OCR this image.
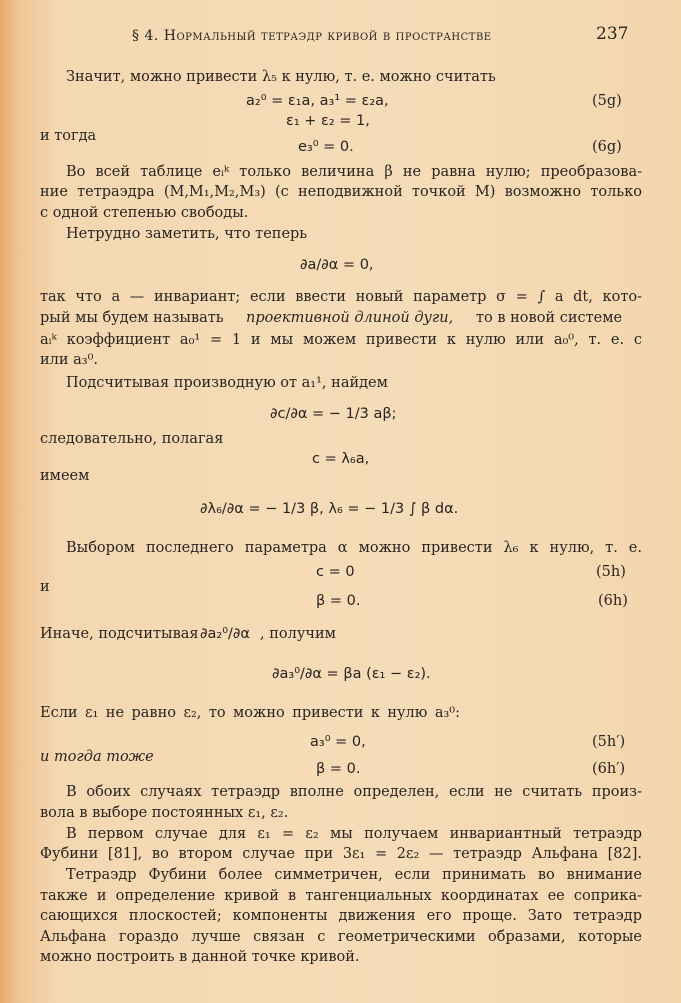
§ 4. Нормальный тетраэдр кривой в пространстве	237
Значит, можно привести λ₅ к нулю, т. е. можно считать
a₂⁰ = ε₁a, a₃¹ = ε₂a,	(5g)
ε₁ + ε₂ = 1,
и тогда
e₃⁰ = 0.	(6g)
Во всей таблице eᵢᵏ только величина β не равна нулю; преобразова-
ние тетраэдра (M,M₁,M₂,M₃) (с неподвижной точкой M) возможно только
с одной степенью свободы.
Нетрудно заметить, что теперь
∂a/∂α = 0,
так что a — инвариант; если ввести новый параметр σ = ∫ a dt, кото-
рый мы будем называть проективной длиной дуги, то в новой системе
aᵢᵏ коэффициент a₀¹ = 1 и мы можем привести к нулю или a₀⁰, т. е. c
или a₃⁰.
Подсчитывая производную от a₁¹, найдем
∂c/∂α = − 1/3 aβ;
следовательно, полагая
c = λ₆a,
имеем
∂λ₆/∂α = − 1/3 β, λ₆ = − 1/3 ∫ β dα.
Выбором последнего параметра α можно привести λ₆ к нулю, т. е.
c = 0	(5h)
и
β = 0.	(6h)
Иначе, подсчитывая ∂a₂⁰/∂α , получим
∂a₃⁰/∂α = βa (ε₁ − ε₂).
Если ε₁ не равно ε₂, то можно привести к нулю a₃⁰:
a₃⁰ = 0,	(5h′)
и тогда тоже
β = 0.	(6h′)
В обоих случаях тетраэдр вполне определен, если не считать произ-
вола в выборе постоянных ε₁, ε₂.
В первом случае для ε₁ = ε₂ мы получаем инвариантный тетраэдр
Фубини [81], во втором случае при 3ε₁ = 2ε₂ — тетраэдр Альфана [82].
Тетраэдр Фубини более симметричен, если принимать во внимание
также и определение кривой в тангенциальных координатах ее соприка-
сающихся плоскостей; компоненты движения его проще. Зато тетраэдр
Альфана гораздо лучше связан с геометрическими образами, которые
можно построить в данной точке кривой.
